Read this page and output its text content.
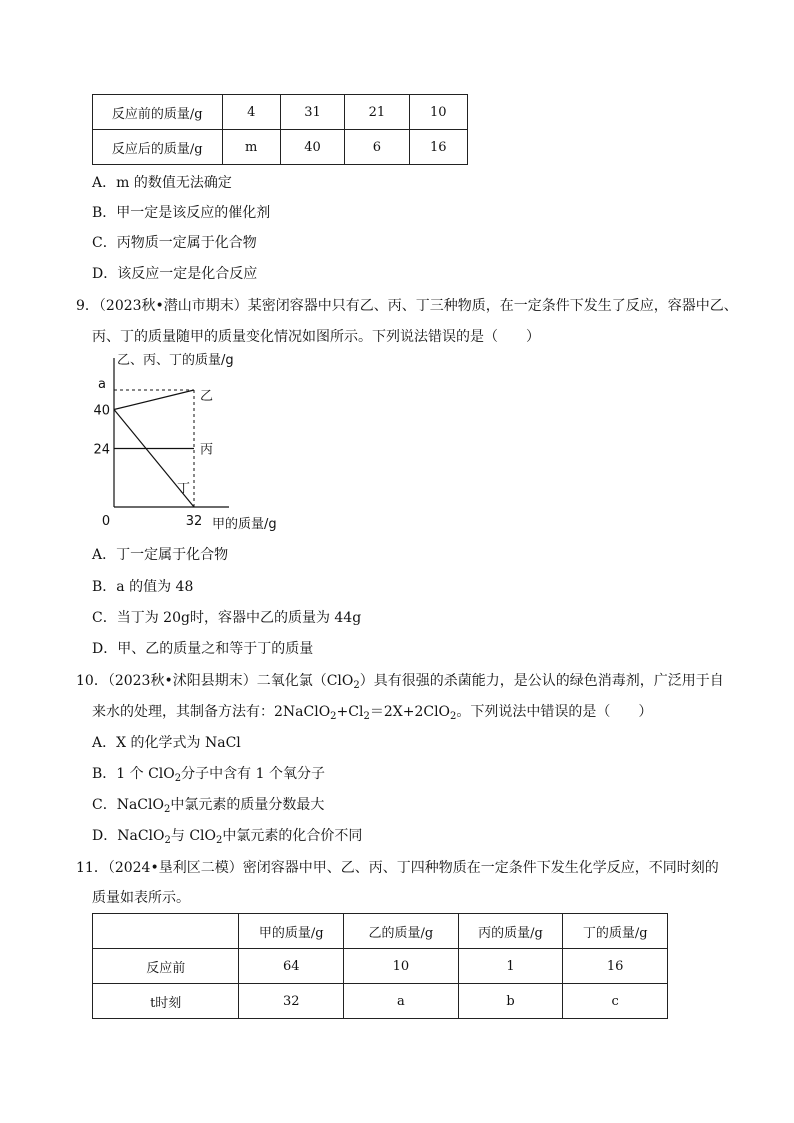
反应前的质量/g	4	31	21	10
反应后的质量/g	m	40	6	16
A．m 的数值无法确定
B．甲一定是该反应的催化剂
C．丙物质一定属于化合物
D．该反应一定是化合反应
9．（2023秋•潜山市期末）某密闭容器中只有乙、丙、丁三种物质，在一定条件下发生了反应，容器中乙、
丙、丁的质量随甲的质量变化情况如图所示。下列说法错误的是（　　）
乙、丙、丁的质量/g
甲的质量/g
0	32
24
40
a
乙
丙
丁
A．丁一定属于化合物
B．a 的值为 48
C．当丁为 20g时，容器中乙的质量为 44g
D．甲、乙的质量之和等于丁的质量
10．（2023秋•沭阳县期末）二氧化氯（ClO$_2$）具有很强的杀菌能力，是公认的绿色消毒剂，广泛用于自
来水的处理，其制备方法有：$2NaClO_2+Cl_2=2X+2ClO_2$。下列说法中错误的是（　　）
A．X 的化学式为 NaCl
B．1 个 ClO$_2$分子中含有 1 个氧分子
C．NaClO$_2$中氯元素的质量分数最大
D．NaClO$_2$与 ClO$_2$中氯元素的化合价不同
11．（2024•垦利区二模）密闭容器中甲、乙、丙、丁四种物质在一定条件下发生化学反应，不同时刻的
质量如表所示。
	甲的质量/g	乙的质量/g	丙的质量/g	丁的质量/g
反应前	64	10	1	16
t时刻	32	a	b	c
